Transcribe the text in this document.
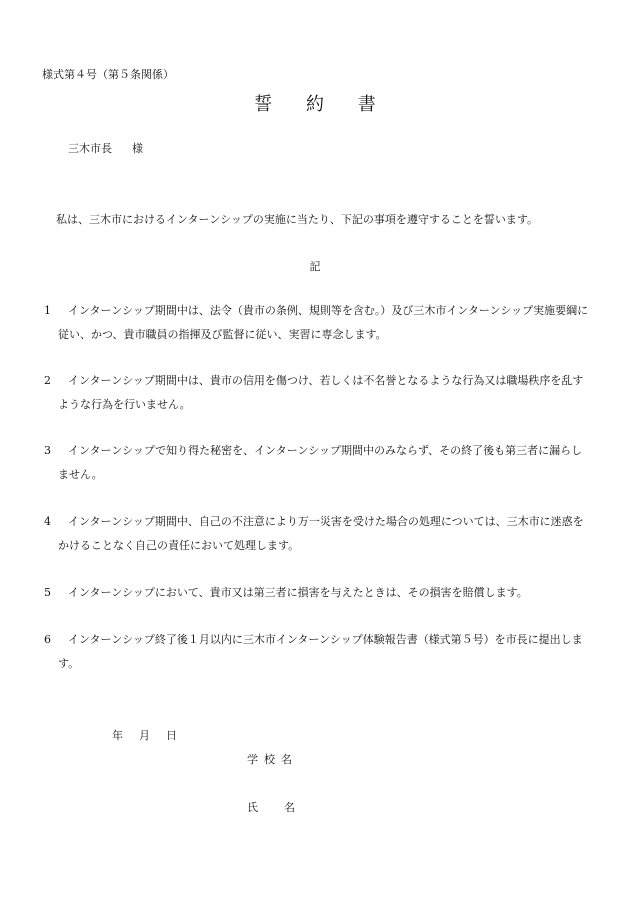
様式第４号（第５条関係）
誓 約 書
三木市長 様
私は、三木市におけるインターンシップの実施に当たり、下記の事項を遵守することを誓います。
記
1	インターンシップ期間中は、法令（貴市の条例、規則等を含む。）及び三木市インターンシップ実施要綱に従い、かつ、貴市職員の指揮及び監督に従い、実習に専念します。
2	インターンシップ期間中は、貴市の信用を傷つけ、若しくは不名誉となるような行為又は職場秩序を乱すような行為を行いません。
3	インターンシップで知り得た秘密を、インターンシップ期間中のみならず、その終了後も第三者に漏らしません。
4	インターンシップ期間中、自己の不注意により万一災害を受けた場合の処理については、三木市に迷惑をかけることなく自己の責任において処理します。
5	インターンシップにおいて、貴市又は第三者に損害を与えたときは、その損害を賠償します。
6	インターンシップ終了後１月以内に三木市インターンシップ体験報告書（様式第５号）を市長に提出します。
年 月 日
学校名
氏 名
